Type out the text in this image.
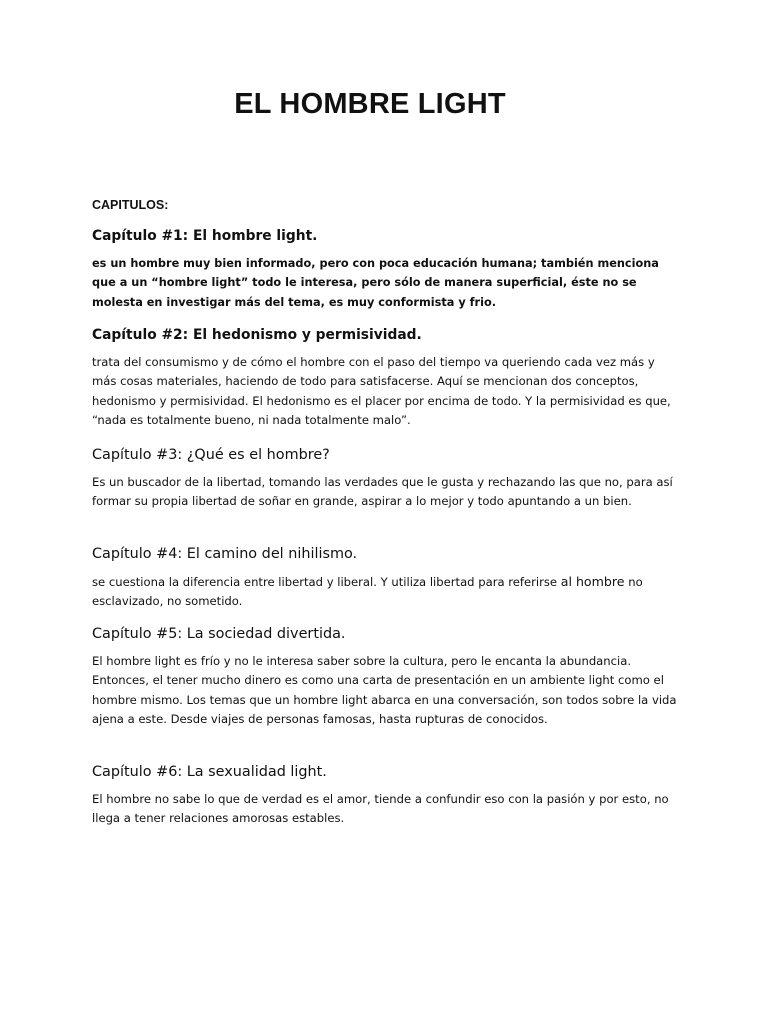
EL HOMBRE LIGHT

CAPITULOS:

Capítulo #1: El hombre light.

es un hombre muy bien informado, pero con poca educación humana; también menciona que a un “hombre light” todo le interesa, pero sólo de manera superficial, éste no se molesta en investigar más del tema, es muy conformista y frio.

Capítulo #2: El hedonismo y permisividad.

trata del consumismo y de cómo el hombre con el paso del tiempo va queriendo cada vez más y más cosas materiales, haciendo de todo para satisfacerse. Aquí se mencionan dos conceptos, hedonismo y permisividad. El hedonismo es el placer por encima de todo. Y la permisividad es que, “nada es totalmente bueno, ni nada totalmente malo”.

Capítulo #3: ¿Qué es el hombre?

Es un buscador de la libertad, tomando las verdades que le gusta y rechazando las que no, para así formar su propia libertad de soñar en grande, aspirar a lo mejor y todo apuntando a un bien.

Capítulo #4: El camino del nihilismo.

se cuestiona la diferencia entre libertad y liberal. Y utiliza libertad para referirse al hombre no esclavizado, no sometido.

Capítulo #5: La sociedad divertida.

El hombre light es frío y no le interesa saber sobre la cultura, pero le encanta la abundancia. Entonces, el tener mucho dinero es como una carta de presentación en un ambiente light como el hombre mismo. Los temas que un hombre light abarca en una conversación, son todos sobre la vida ajena a este. Desde viajes de personas famosas, hasta rupturas de conocidos.

Capítulo #6: La sexualidad light.

El hombre no sabe lo que de verdad es el amor, tiende a confundir eso con la pasión y por esto, no llega a tener relaciones amorosas estables.
